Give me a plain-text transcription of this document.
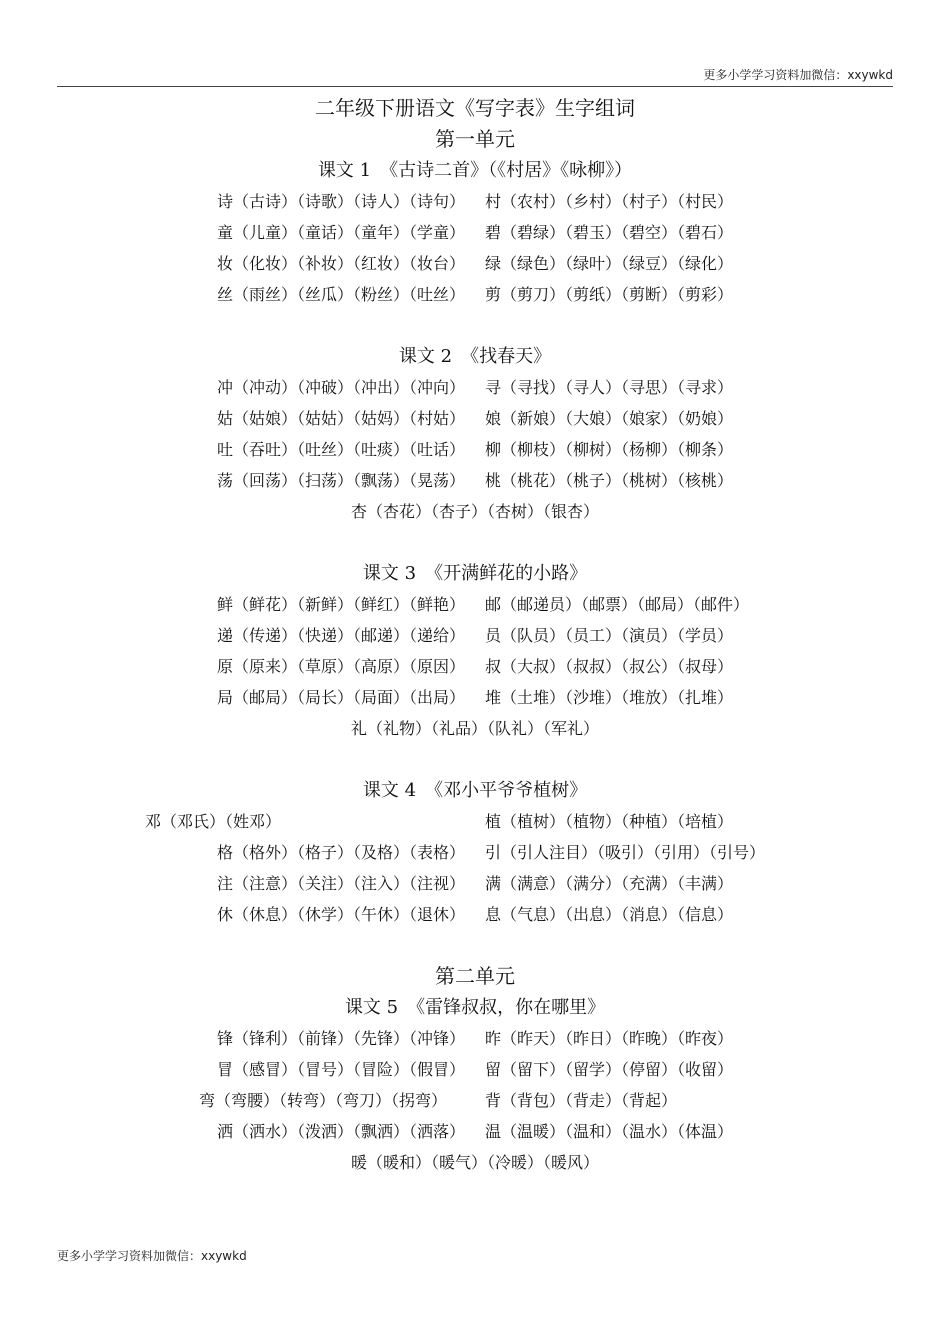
更多小学学习资料加微信：xxywkd
二年级下册语文《写字表》生字组词
第一单元
课文 1　《古诗二首》（《村居》《咏柳》）
诗（古诗）（诗歌）（诗人）（诗句） 村（农村）（乡村）（村子）（村民）
童（儿童）（童话）（童年）（学童） 碧（碧绿）（碧玉）（碧空）（碧石）
妆（化妆）（补妆）（红妆）（妆台） 绿（绿色）（绿叶）（绿豆）（绿化）
丝（雨丝）（丝瓜）（粉丝）（吐丝） 剪（剪刀）（剪纸）（剪断）（剪彩）
课文 2　《找春天》
冲（冲动）（冲破）（冲出）（冲向） 寻（寻找）（寻人）（寻思）（寻求）
姑（姑娘）（姑姑）（姑妈）（村姑） 娘（新娘）（大娘）（娘家）（奶娘）
吐（吞吐）（吐丝）（吐痰）（吐话） 柳（柳枝）（柳树）（杨柳）（柳条）
荡（回荡）（扫荡）（飘荡）（晃荡） 桃（桃花）（桃子）（桃树）（核桃）
杏（杏花）（杏子）（杏树）（银杏）
课文 3　《开满鲜花的小路》
鲜（鲜花）（新鲜）（鲜红）（鲜艳） 邮（邮递员）（邮票）（邮局）（邮件）
递（传递）（快递）（邮递）（递给） 员（队员）（员工）（演员）（学员）
原（原来）（草原）（高原）（原因） 叔（大叔）（叔叔）（叔公）（叔母）
局（邮局）（局长）（局面）（出局） 堆（土堆）（沙堆）（堆放）（扎堆）
礼（礼物）（礼品）（队礼）（军礼）
课文 4　《邓小平爷爷植树》
邓（邓氏）（姓邓）	植（植树）（植物）（种植）（培植）
格（格外）（格子）（及格）（表格） 引（引人注目）（吸引）（引用）（引号）
注（注意）（关注）（注入）（注视） 满（满意）（满分）（充满）（丰满）
休（休息）（休学）（午休）（退休） 息（气息）（出息）（消息）（信息）
第二单元
课文 5　《雷锋叔叔，你在哪里》
锋（锋利）（前锋）（先锋）（冲锋） 昨（昨天）（昨日）（昨晚）（昨夜）
冒（感冒）（冒号）（冒险）（假冒） 留（留下）（留学）（停留）（收留）
弯（弯腰）（转弯）（弯刀）（拐弯）	背（背包）（背走）（背起）
洒（洒水）（泼洒）（飘洒）（洒落） 温（温暖）（温和）（温水）（体温）
暖（暖和）（暖气）（冷暖）（暖风）
更多小学学习资料加微信：xxywkd
